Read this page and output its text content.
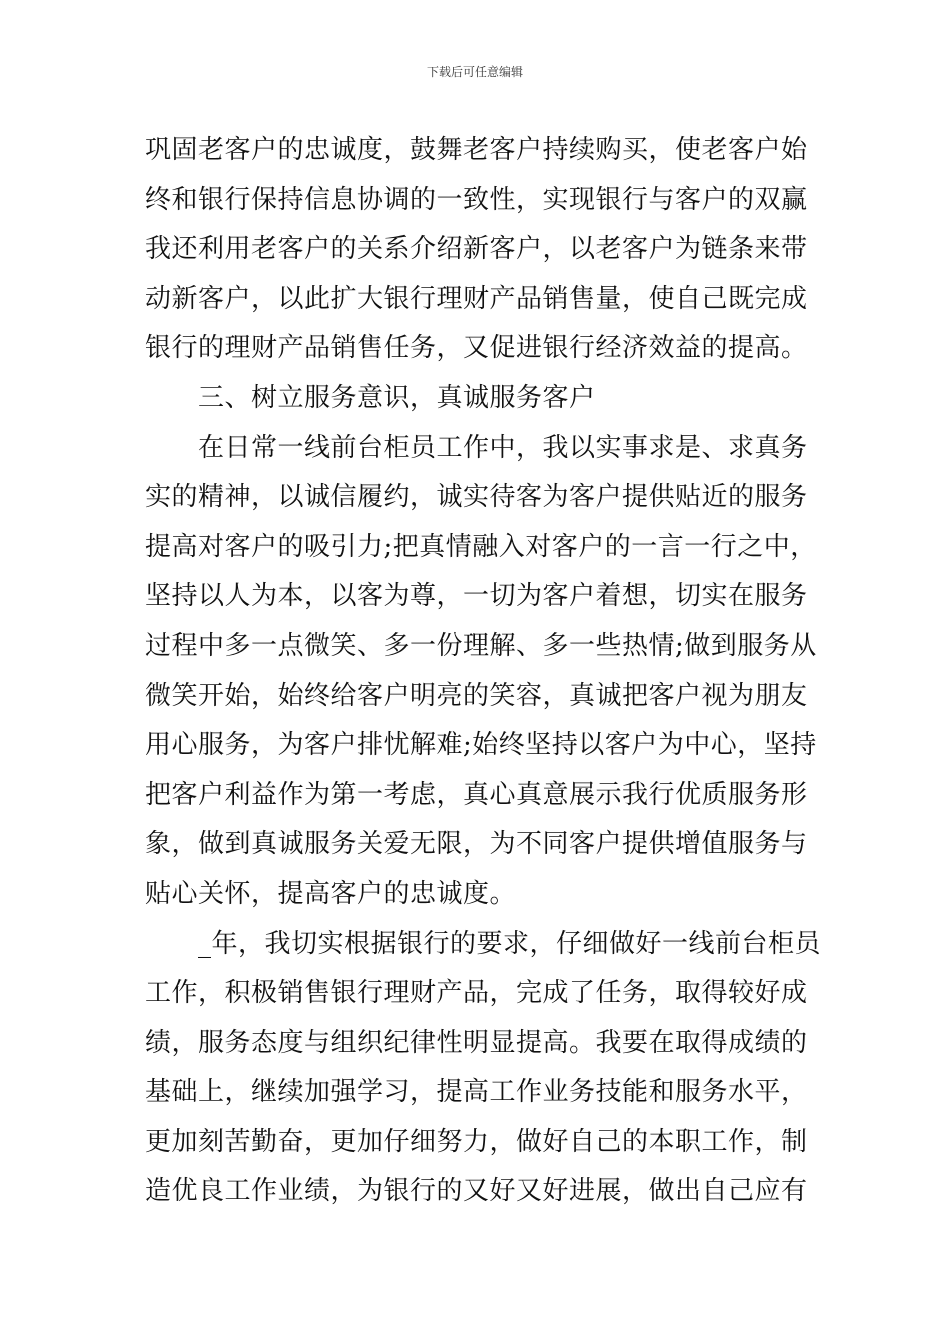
下载后可任意编辑
巩固老客户的忠诚度，鼓舞老客户持续购买，使老客户始
终和银行保持信息协调的一致性，实现银行与客户的双赢
我还利用老客户的关系介绍新客户，以老客户为链条来带
动新客户，以此扩大银行理财产品销售量，使自己既完成
银行的理财产品销售任务，又促进银行经济效益的提高。
　　三、树立服务意识，真诚服务客户
　　在日常一线前台柜员工作中，我以实事求是、求真务
实的精神，以诚信履约，诚实待客为客户提供贴近的服务
提高对客户的吸引力;把真情融入对客户的一言一行之中，
坚持以人为本，以客为尊，一切为客户着想，切实在服务
过程中多一点微笑、多一份理解、多一些热情;做到服务从
微笑开始，始终给客户明亮的笑容，真诚把客户视为朋友
用心服务，为客户排忧解难;始终坚持以客户为中心，坚持
把客户利益作为第一考虑，真心真意展示我行优质服务形
象，做到真诚服务关爱无限，为不同客户提供增值服务与
贴心关怀，提高客户的忠诚度。
　　_年，我切实根据银行的要求，仔细做好一线前台柜员
工作，积极销售银行理财产品，完成了任务，取得较好成
绩，服务态度与组织纪律性明显提高。我要在取得成绩的
基础上，继续加强学习，提高工作业务技能和服务水平，
更加刻苦勤奋，更加仔细努力，做好自己的本职工作，制
造优良工作业绩，为银行的又好又好进展，做出自己应有
